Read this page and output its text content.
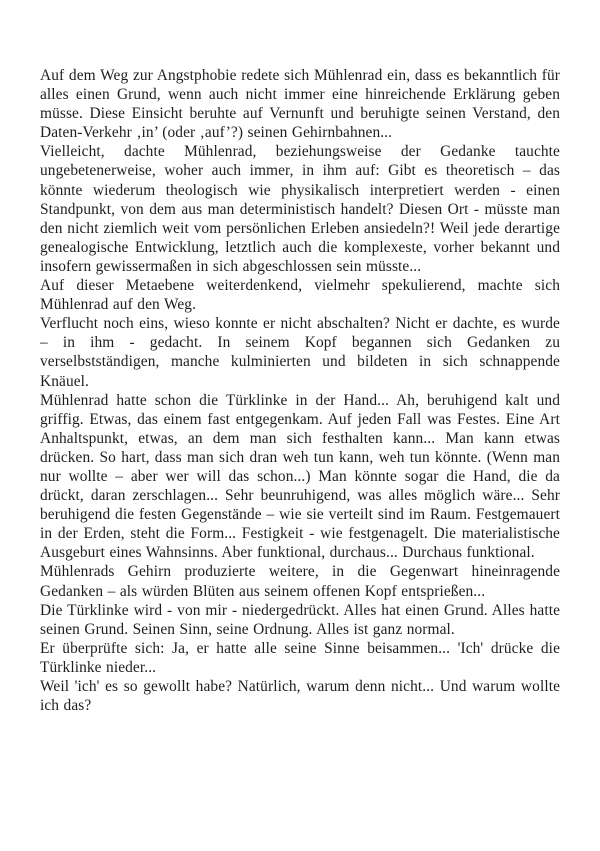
Auf dem Weg zur Angstphobie redete sich Mühlenrad ein, dass es bekanntlich für alles einen Grund, wenn auch nicht immer eine hinreichende Erklärung geben müsse. Diese Einsicht beruhte auf Vernunft und beruhigte seinen Verstand, den Daten-Verkehr ‚in’ (oder ‚auf’?) seinen Gehirnbahnen...

Vielleicht, dachte Mühlenrad, beziehungsweise der Gedanke tauchte ungebetenerweise, woher auch immer, in ihm auf: Gibt es theoretisch – das könnte wiederum theologisch wie physikalisch interpretiert werden - einen Standpunkt, von dem aus man deterministisch handelt? Diesen Ort - müsste man den nicht ziemlich weit vom persönlichen Erleben ansiedeln?! Weil jede derartige genealogische Entwicklung, letztlich auch die komplexeste, vorher bekannt und insofern gewissermaßen in sich abgeschlossen sein müsste...

Auf dieser Metaebene weiterdenkend, vielmehr spekulierend, machte sich Mühlenrad auf den Weg.

Verflucht noch eins, wieso konnte er nicht abschalten? Nicht er dachte, es wurde – in ihm - gedacht. In seinem Kopf begannen sich Gedanken zu verselbstständigen, manche kulminierten und bildeten in sich schnappende Knäuel.

Mühlenrad hatte schon die Türklinke in der Hand... Ah, beruhigend kalt und griffig. Etwas, das einem fast entgegenkam. Auf jeden Fall was Festes. Eine Art Anhaltspunkt, etwas, an dem man sich festhalten kann... Man kann etwas drücken. So hart, dass man sich dran weh tun kann, weh tun könnte. (Wenn man nur wollte – aber wer will das schon...) Man könnte sogar die Hand, die da drückt, daran zerschlagen... Sehr beunruhigend, was alles möglich wäre... Sehr beruhigend die festen Gegenstände – wie sie verteilt sind im Raum. Festgemauert in der Erden, steht die Form... Festigkeit - wie festgenagelt. Die materialistische Ausgeburt eines Wahnsinns. Aber funktional, durchaus... Durchaus funktional.

Mühlenrads Gehirn produzierte weitere, in die Gegenwart hineinragende Gedanken – als würden Blüten aus seinem offenen Kopf entsprießen...

Die Türklinke wird - von mir - niedergedrückt. Alles hat einen Grund. Alles hatte seinen Grund. Seinen Sinn, seine Ordnung. Alles ist ganz normal.

Er überprüfte sich: Ja, er hatte alle seine Sinne beisammen... 'Ich' drücke die Türklinke nieder...

Weil 'ich' es so gewollt habe? Natürlich, warum denn nicht... Und warum wollte ich das?
